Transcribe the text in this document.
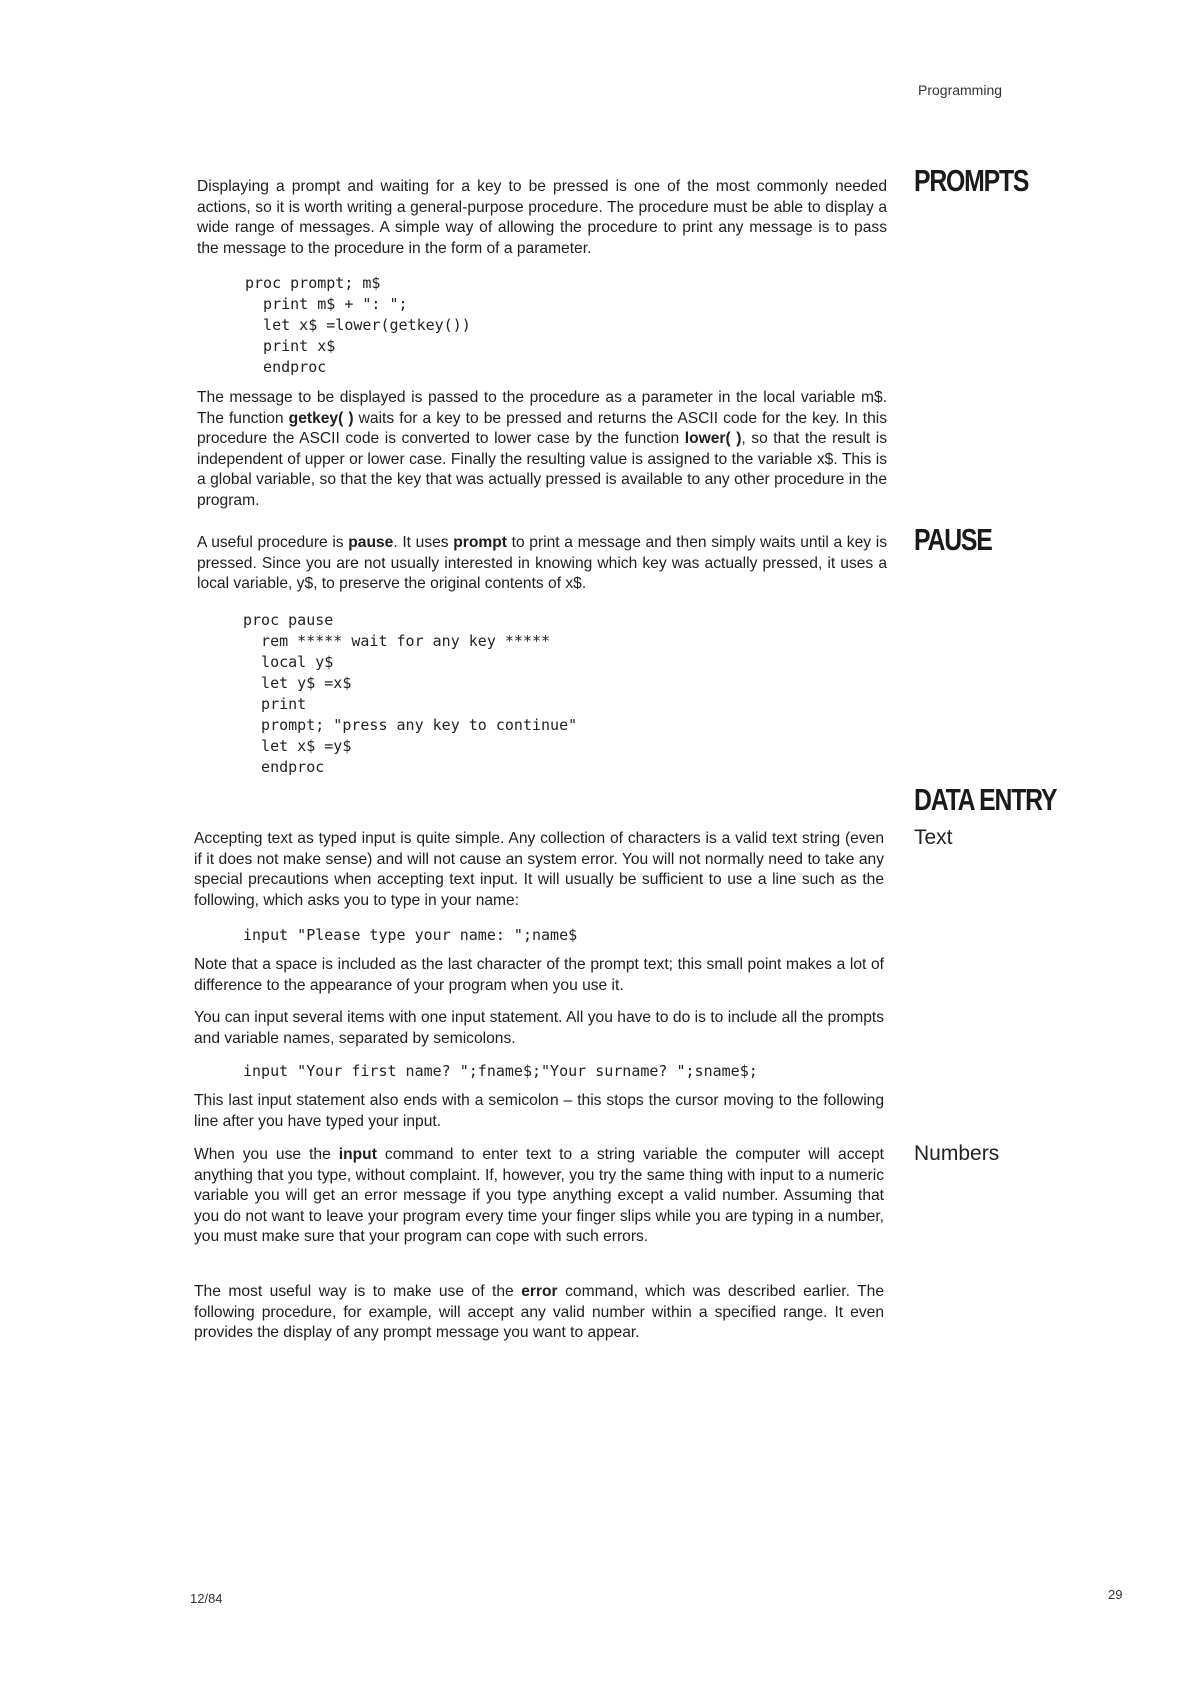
Programming
PROMPTS
PAUSE
DATA ENTRY
Text
Numbers

Displaying a prompt and waiting for a key to be pressed is one of the most commonly needed actions, so it is worth writing a general-purpose procedure. The procedure must be able to display a wide range of messages. A simple way of allowing the procedure to print any message is to pass the message to the procedure in the form of a parameter.

proc prompt; m$
print m$ + ": ";
let x$ =lower(getkey())
print x$
endproc

The message to be displayed is passed to the procedure as a parameter in the local variable m$. The function getkey( ) waits for a key to be pressed and returns the ASCII code for the key. In this procedure the ASCII code is converted to lower case by the function lower( ), so that the result is independent of upper or lower case. Finally the resulting value is assigned to the variable x$. This is a global variable, so that the key that was actually pressed is available to any other procedure in the program.

A useful procedure is pause. It uses prompt to print a message and then simply waits until a key is pressed. Since you are not usually interested in knowing which key was actually pressed, it uses a local variable, y$, to preserve the original contents of x$.

proc pause
rem ***** wait for any key *****
local y$
let y$ =x$
print
prompt; "press any key to continue"
let x$ =y$
endproc

Accepting text as typed input is quite simple. Any collection of characters is a valid text string (even if it does not make sense) and will not cause an system error. You will not normally need to take any special precautions when accepting text input. It will usually be sufficient to use a line such as the following, which asks you to type in your name:

input "Please type your name: ";name$

Note that a space is included as the last character of the prompt text; this small point makes a lot of difference to the appearance of your program when you use it.

You can input several items with one input statement. All you have to do is to include all the prompts and variable names, separated by semicolons.

input "Your first name? ";fname$;"Your surname? ";sname$;

This last input statement also ends with a semicolon – this stops the cursor moving to the following line after you have typed your input.

When you use the input command to enter text to a string variable the computer will accept anything that you type, without complaint. If, however, you try the same thing with input to a numeric variable you will get an error message if you type anything except a valid number. Assuming that you do not want to leave your program every time your finger slips while you are typing in a number, you must make sure that your program can cope with such errors.

The most useful way is to make use of the error command, which was described earlier. The following procedure, for example, will accept any valid number within a specified range. It even provides the display of any prompt message you want to appear.

12/84	29
